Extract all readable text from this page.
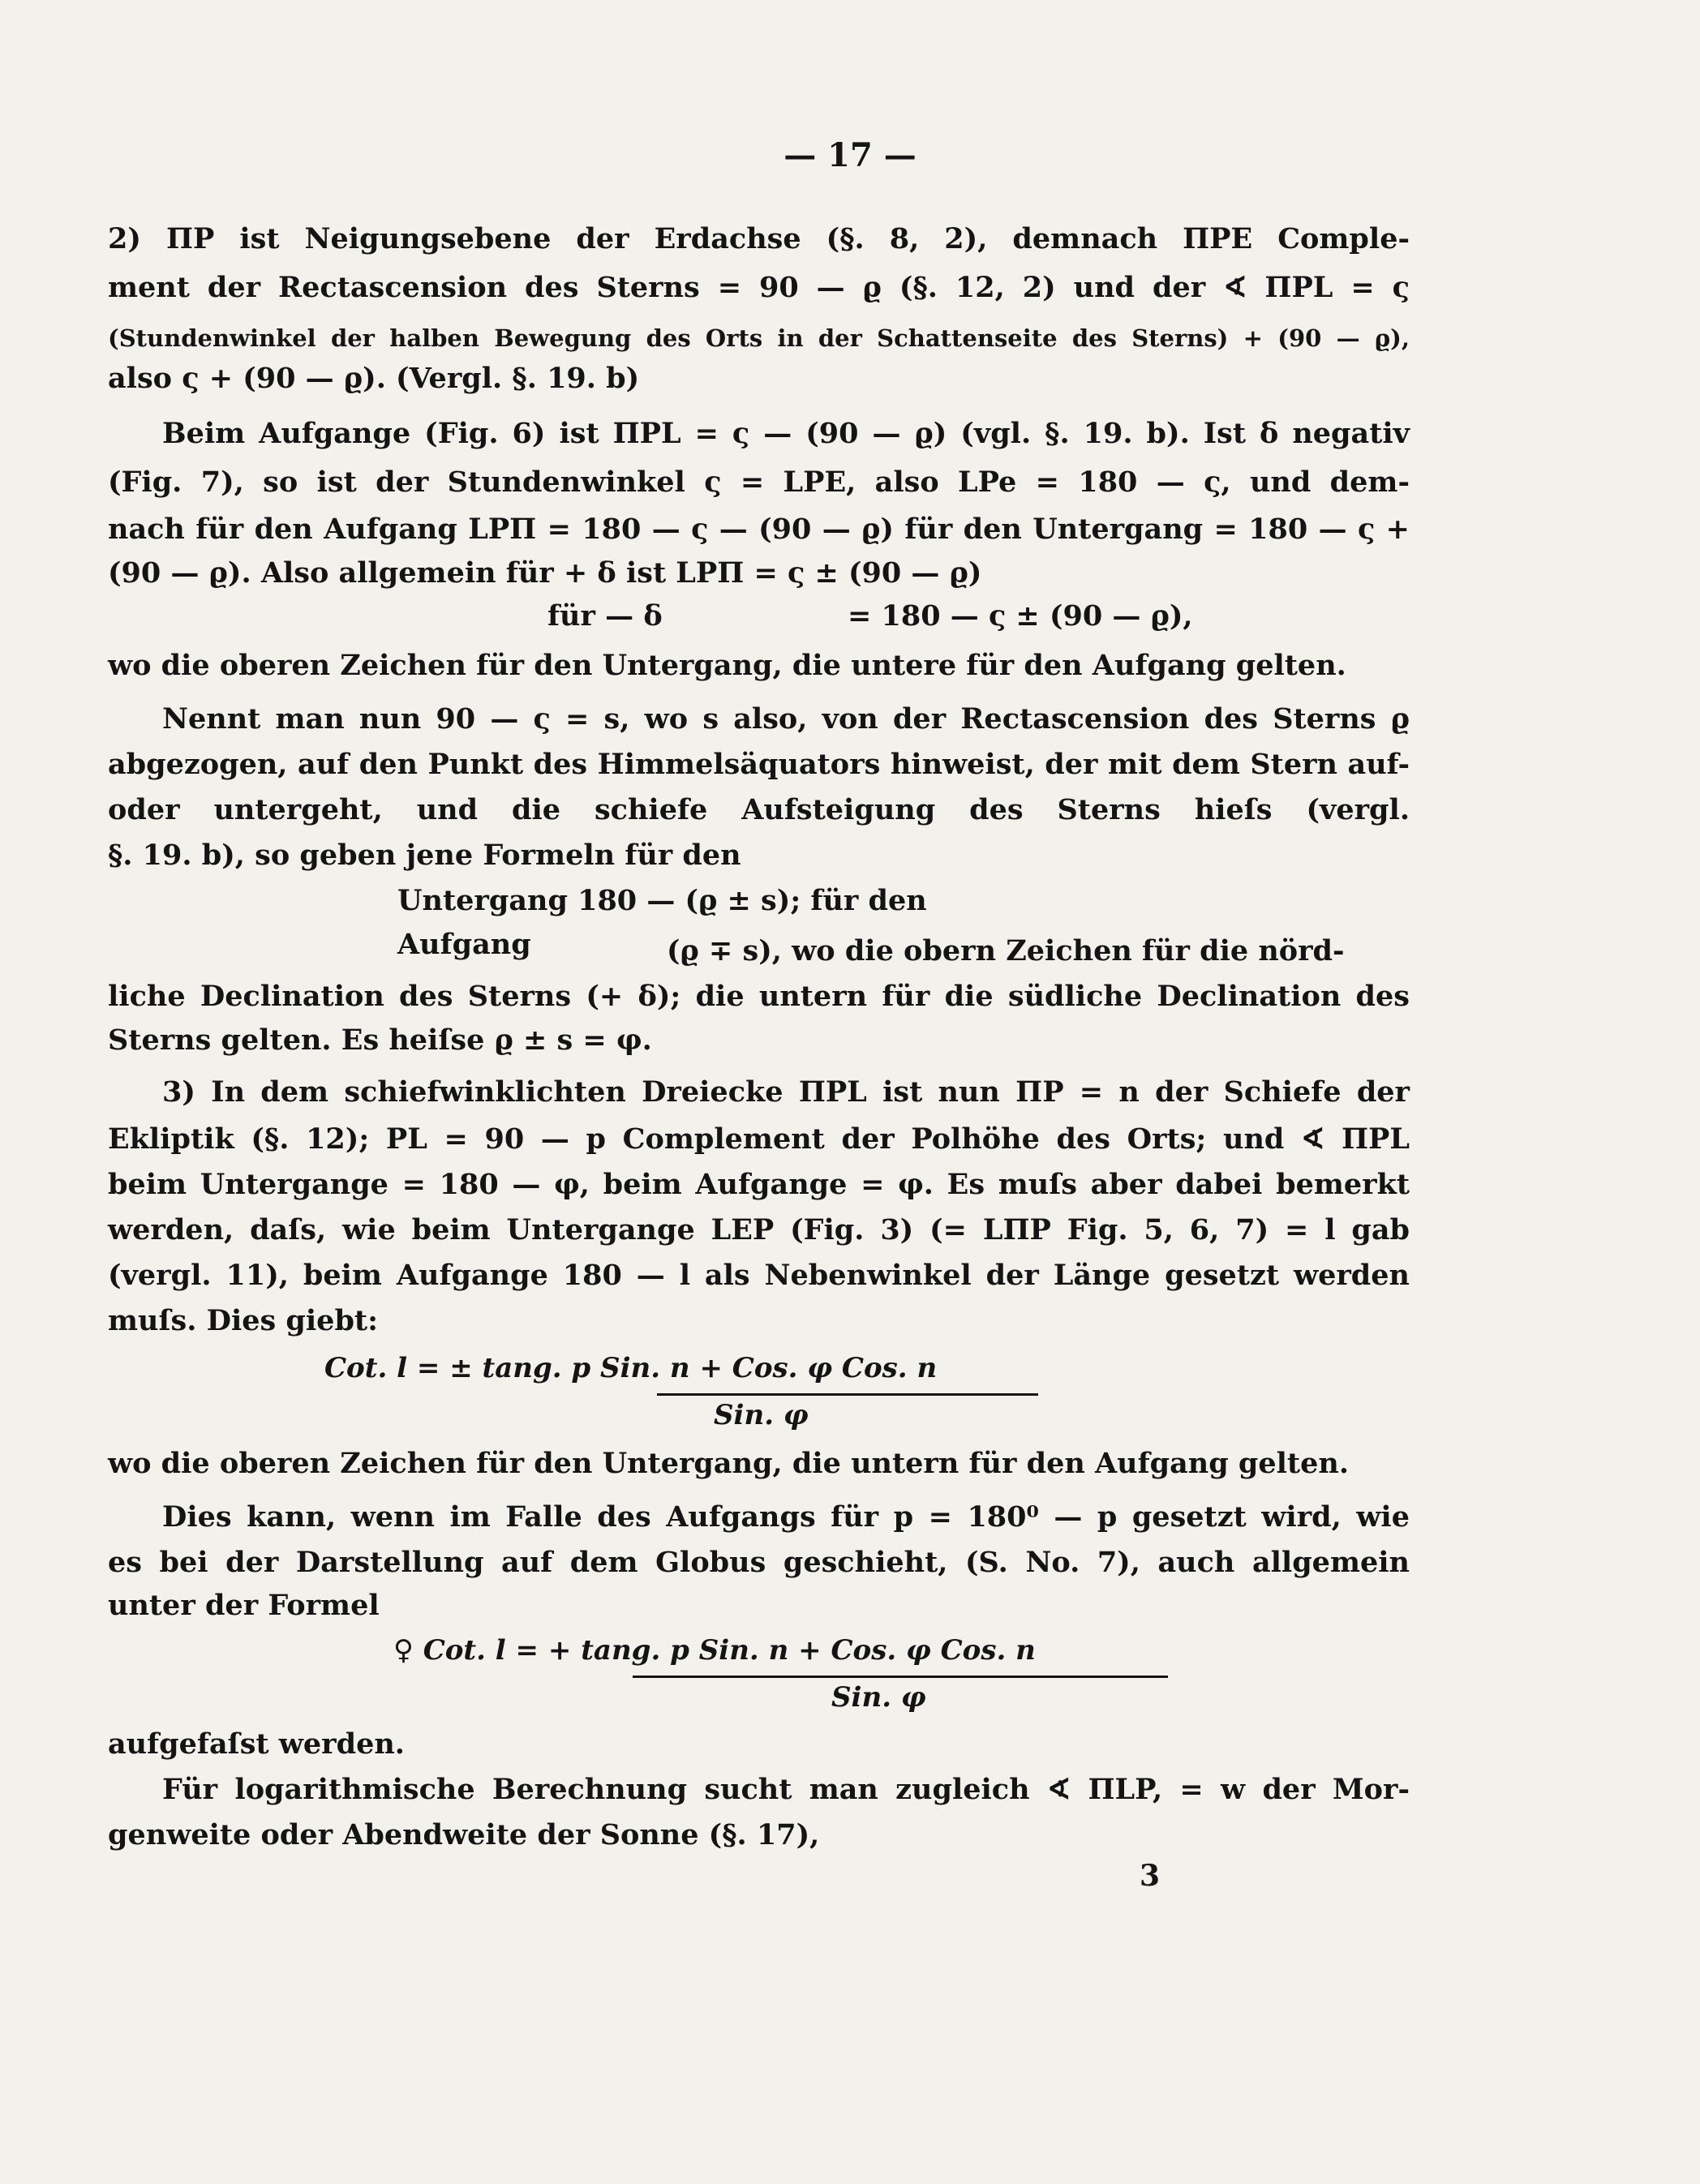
— 17 —
2) ΠP ist Neigungsebene der Erdachse (§. 8, 2), demnach ΠPE Comple-
ment der Rectascension des Sterns = 90 — ϱ (§. 12, 2) und der ∢ ΠPL = ς
(Stundenwinkel der halben Bewegung des Orts in der Schattenseite des Sterns) + (90 — ϱ),
also ς + (90 — ϱ). (Vergl. §. 19. b)
Beim Aufgange (Fig. 6) ist ΠPL = ς — (90 — ϱ) (vgl. §. 19. b). Ist δ negativ
(Fig. 7), so ist der Stundenwinkel ς = LPE, also LPe = 180 — ς, und dem-
nach für den Aufgang LPΠ = 180 — ς — (90 — ϱ) für den Untergang = 180 — ς +
(90 — ϱ). Also allgemein für + δ ist LPΠ = ς ± (90 — ϱ)
für — δ	= 180 — ς ± (90 — ϱ),
wo die oberen Zeichen für den Untergang, die untere für den Aufgang gelten.
Nennt man nun 90 — ς = s, wo s also, von der Rectascension des Sterns ϱ
abgezogen, auf den Punkt des Himmelsäquators hinweist, der mit dem Stern auf-
oder untergeht, und die schiefe Aufsteigung des Sterns hieſs (vergl.
§. 19. b), so geben jene Formeln für den
Untergang 180 — (ϱ ± s); für den
Aufgang	(ϱ ∓ s), wo die obern Zeichen für die nörd-
liche Declination des Sterns (+ δ); die untern für die südliche Declination des
Sterns gelten. Es heiſse ϱ ± s = φ.
3) In dem schiefwinklichten Dreiecke ΠPL ist nun ΠP = n der Schiefe der
Ekliptik (§. 12); PL = 90 — p Complement der Polhöhe des Orts; und ∢ ΠPL
beim Untergange = 180 — φ, beim Aufgange = φ. Es muſs aber dabei bemerkt
werden, daſs, wie beim Untergange LEP (Fig. 3) (= LΠP Fig. 5, 6, 7) = l gab
(vergl. 11), beim Aufgange 180 — l als Nebenwinkel der Länge gesetzt werden
muſs. Dies giebt:
Cot. l = ± tang. p Sin. n + Cos. φ Cos. n
Sin. φ
wo die oberen Zeichen für den Untergang, die untern für den Aufgang gelten.
Dies kann, wenn im Falle des Aufgangs für p = 180⁰ — p gesetzt wird, wie
es bei der Darstellung auf dem Globus geschieht, (S. No. 7), auch allgemein
unter der Formel
♀ Cot. l = + tang. p Sin. n + Cos. φ Cos. n
Sin. φ
aufgefaſst werden.
Für logarithmische Berechnung sucht man zugleich ∢ ΠLP, = w der Mor-
genweite oder Abendweite der Sonne (§. 17),
3
